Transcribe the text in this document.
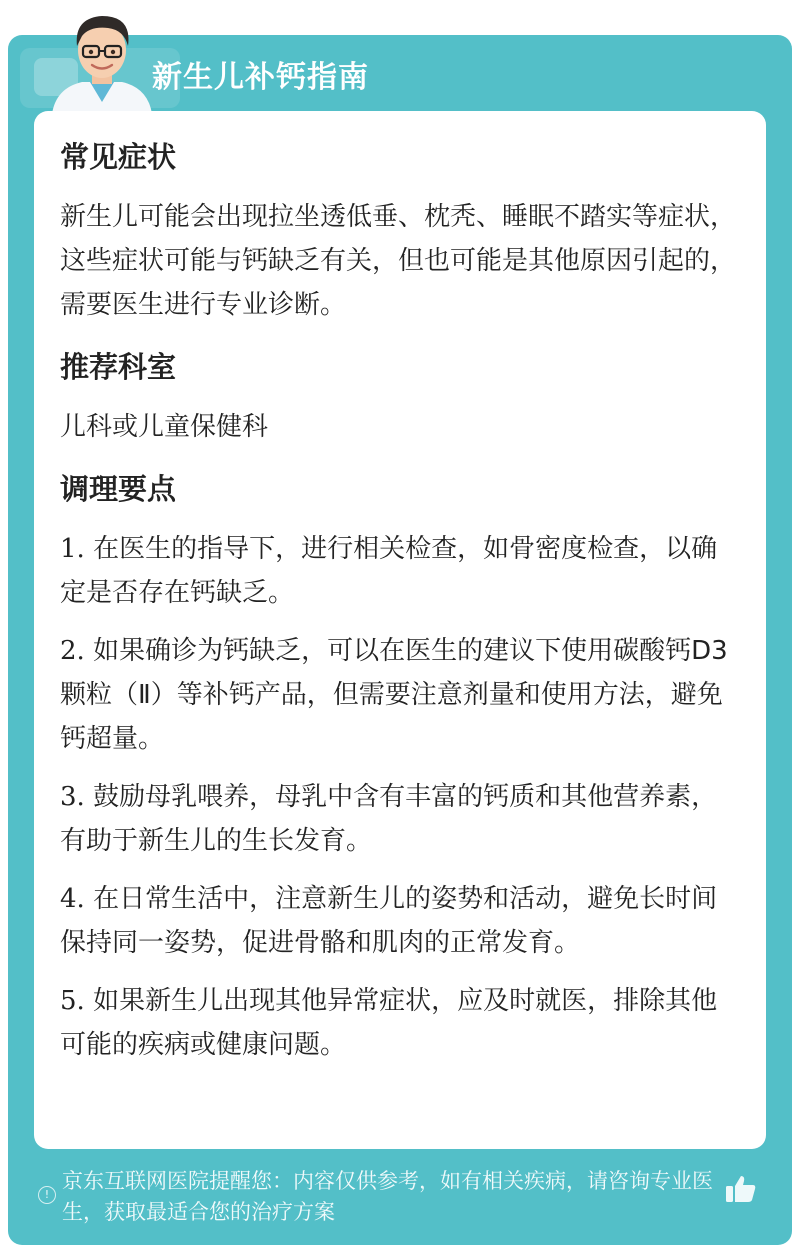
新生儿补钙指南

常见症状

新生儿可能会出现拉坐透低垂、枕秃、睡眠不踏实等症状，这些症状可能与钙缺乏有关，但也可能是其他原因引起的，需要医生进行专业诊断。

推荐科室

儿科或儿童保健科

调理要点

1. 在医生的指导下，进行相关检查，如骨密度检查，以确定是否存在钙缺乏。

2. 如果确诊为钙缺乏，可以在医生的建议下使用碳酸钙D3颗粒（Ⅱ）等补钙产品，但需要注意剂量和使用方法，避免钙超量。

3. 鼓励母乳喂养，母乳中含有丰富的钙质和其他营养素，有助于新生儿的生长发育。

4. 在日常生活中，注意新生儿的姿势和活动，避免长时间保持同一姿势，促进骨骼和肌肉的正常发育。

5. 如果新生儿出现其他异常症状，应及时就医，排除其他可能的疾病或健康问题。

!
京东互联网医院提醒您：内容仅供参考，如有相关疾病，请咨询专业医生，获取最适合您的治疗方案
